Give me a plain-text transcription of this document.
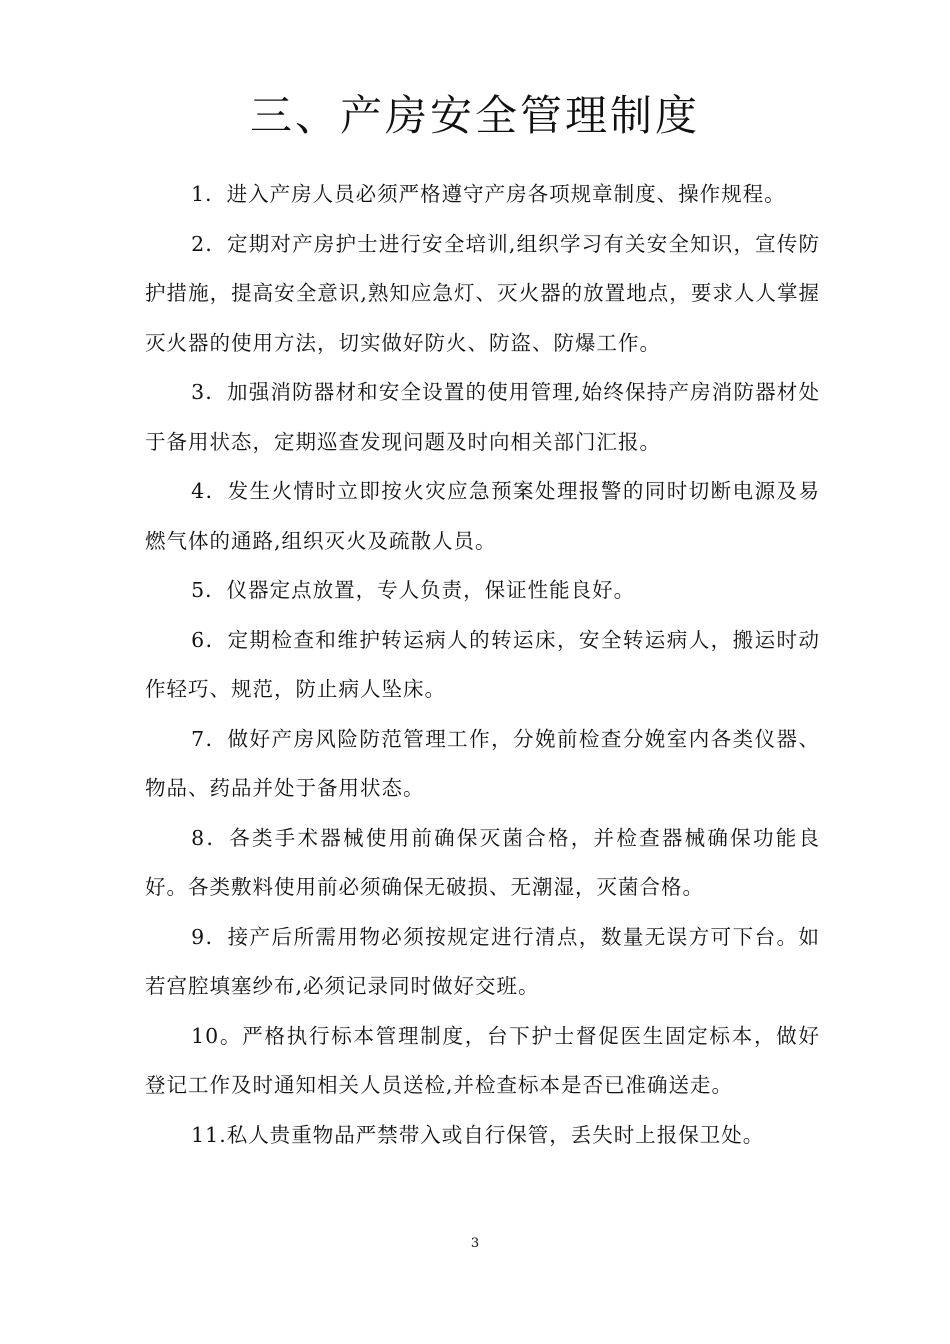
三、产房安全管理制度

1．进入产房人员必须严格遵守产房各项规章制度、操作规程。

2．定期对产房护士进行安全培训,组织学习有关安全知识，宣传防护措施，提高安全意识,熟知应急灯、灭火器的放置地点，要求人人掌握灭火器的使用方法，切实做好防火、防盗、防爆工作。

3．加强消防器材和安全设置的使用管理,始终保持产房消防器材处于备用状态，定期巡查发现问题及时向相关部门汇报。

4．发生火情时立即按火灾应急预案处理报警的同时切断电源及易燃气体的通路,组织灭火及疏散人员。

5．仪器定点放置，专人负责，保证性能良好。

6．定期检查和维护转运病人的转运床，安全转运病人，搬运时动作轻巧、规范，防止病人坠床。

7．做好产房风险防范管理工作，分娩前检查分娩室内各类仪器、物品、药品并处于备用状态。

8．各类手术器械使用前确保灭菌合格，并检查器械确保功能良好。各类敷料使用前必须确保无破损、无潮湿，灭菌合格。

9．接产后所需用物必须按规定进行清点，数量无误方可下台。如若宫腔填塞纱布,必须记录同时做好交班。

10。严格执行标本管理制度，台下护士督促医生固定标本，做好登记工作及时通知相关人员送检,并检查标本是否已准确送走。

11.私人贵重物品严禁带入或自行保管，丢失时上报保卫处。

3
